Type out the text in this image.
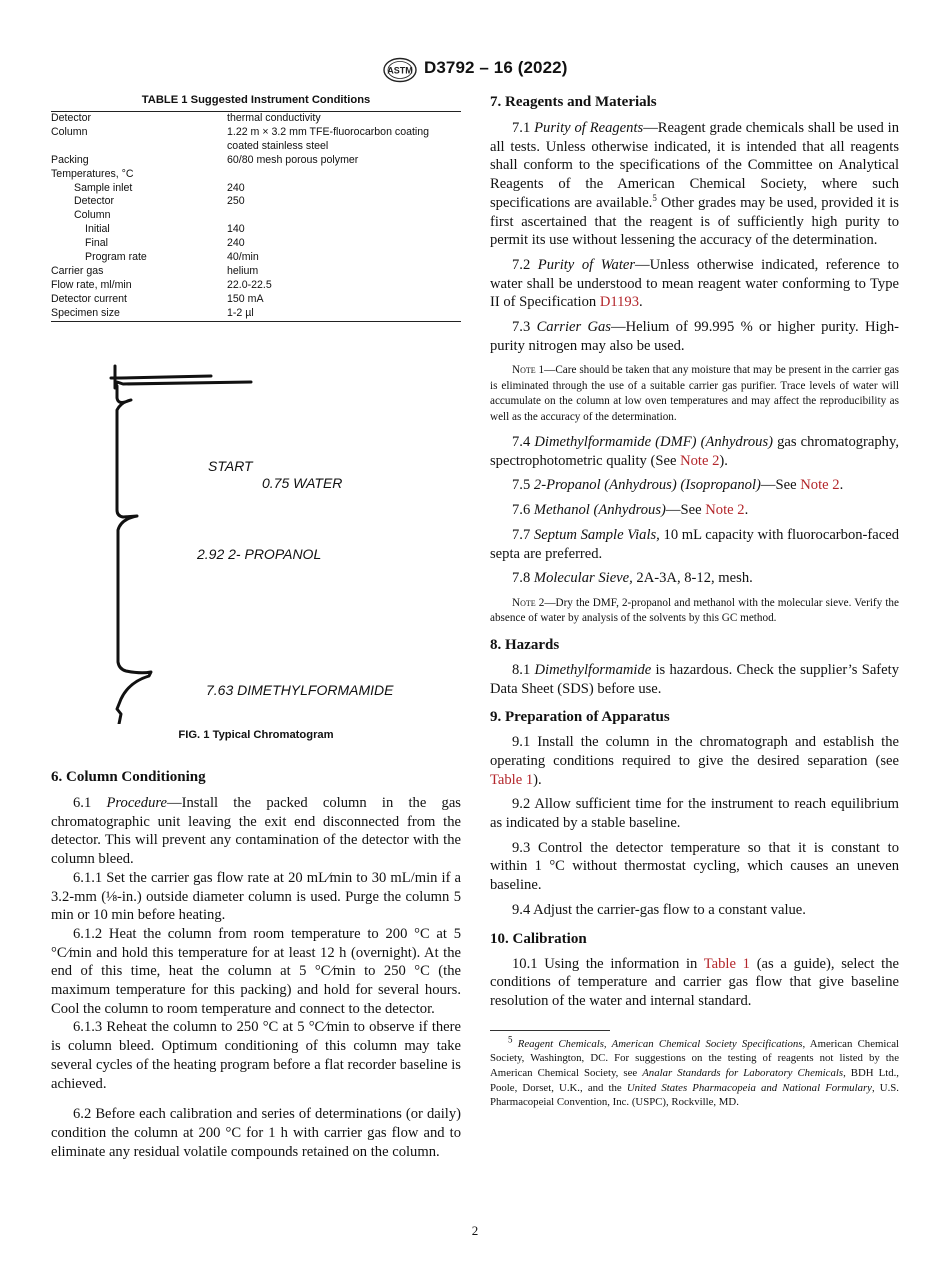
ASTM D3792 – 16 (2022)
TABLE 1 Suggested Instrument Conditions
Detector	thermal conductivity
Column	1.22 m × 3.2 mm TFE-fluorocarbon coating coated stainless steel
Packing	60/80 mesh porous polymer
Temperatures, °C	
Sample inlet	240
Detector	250
Column	
Initial	140
Final	240
Program rate	40/min
Carrier gas	helium
Flow rate, ml/min	22.0-22.5
Detector current	150 mA
Specimen size	1-2 µl
START
0.75 WATER
2.92 2- PROPANOL
7.63 DIMETHYLFORMAMIDE
FIG. 1 Typical Chromatogram

6. Column Conditioning

6.1 Procedure—Install the packed column in the gas chromatographic unit leaving the exit end disconnected from the detector. This will prevent any contamination of the detector with the column bleed.

6.1.1 Set the carrier gas flow rate at 20 mL∕min to 30 mL/min if a 3.2-mm (⅛-in.) outside diameter column is used. Purge the column 5 min or 10 min before heating.

6.1.2 Heat the column from room temperature to 200 °C at 5 °C∕min and hold this temperature for at least 12 h (overnight). At the end of this time, heat the column at 5 °C∕min to 250 °C (the maximum temperature for this packing) and hold for several hours. Cool the column to room temperature and connect to the detector.

6.1.3 Reheat the column to 250 °C at 5 °C∕min to observe if there is column bleed. Optimum conditioning of this column may take several cycles of the heating program before a flat recorder baseline is achieved.

6.2 Before each calibration and series of determinations (or daily) condition the column at 200 °C for 1 h with carrier gas flow and to eliminate any residual volatile compounds retained on the column.

7. Reagents and Materials

7.1 Purity of Reagents—Reagent grade chemicals shall be used in all tests. Unless otherwise indicated, it is intended that all reagents shall conform to the specifications of the Committee on Analytical Reagents of the American Chemical Society, where such specifications are available.$^5$ Other grades may be used, provided it is first ascertained that the reagent is of sufficiently high purity to permit its use without lessening the accuracy of the determination.

7.2 Purity of Water—Unless otherwise indicated, reference to water shall be understood to mean reagent water conforming to Type II of Specification D1193.

7.3 Carrier Gas—Helium of 99.995 % or higher purity. High-purity nitrogen may also be used.

Note 1—Care should be taken that any moisture that may be present in the carrier gas is eliminated through the use of a suitable carrier gas purifier. Trace levels of water will accumulate on the column at low oven temperatures and may affect the reproducibility as well as the accuracy of the determination.

7.4 Dimethylformamide (DMF) (Anhydrous) gas chromatography, spectrophotometric quality (See Note 2).

7.5 2-Propanol (Anhydrous) (Isopropanol)—See Note 2.

7.6 Methanol (Anhydrous)—See Note 2.

7.7 Septum Sample Vials, 10 mL capacity with fluorocarbon-faced septa are preferred.

7.8 Molecular Sieve, 2A-3A, 8-12, mesh.

Note 2—Dry the DMF, 2-propanol and methanol with the molecular sieve. Verify the absence of water by analysis of the solvents by this GC method.

8. Hazards

8.1 Dimethylformamide is hazardous. Check the supplier’s Safety Data Sheet (SDS) before use.

9. Preparation of Apparatus

9.1 Install the column in the chromatograph and establish the operating conditions required to give the desired separation (see Table 1).

9.2 Allow sufficient time for the instrument to reach equilibrium as indicated by a stable baseline.

9.3 Control the detector temperature so that it is constant to within 1 °C without thermostat cycling, which causes an uneven baseline.

9.4 Adjust the carrier-gas flow to a constant value.

10. Calibration

10.1 Using the information in Table 1 (as a guide), select the conditions of temperature and carrier gas flow that give baseline resolution of the water and internal standard.

$^5$ Reagent Chemicals, American Chemical Society Specifications, American Chemical Society, Washington, DC. For suggestions on the testing of reagents not listed by the American Chemical Society, see Analar Standards for Laboratory Chemicals, BDH Ltd., Poole, Dorset, U.K., and the United States Pharmacopeia and National Formulary, U.S. Pharmacopeial Convention, Inc. (USPC), Rockville, MD.

2
